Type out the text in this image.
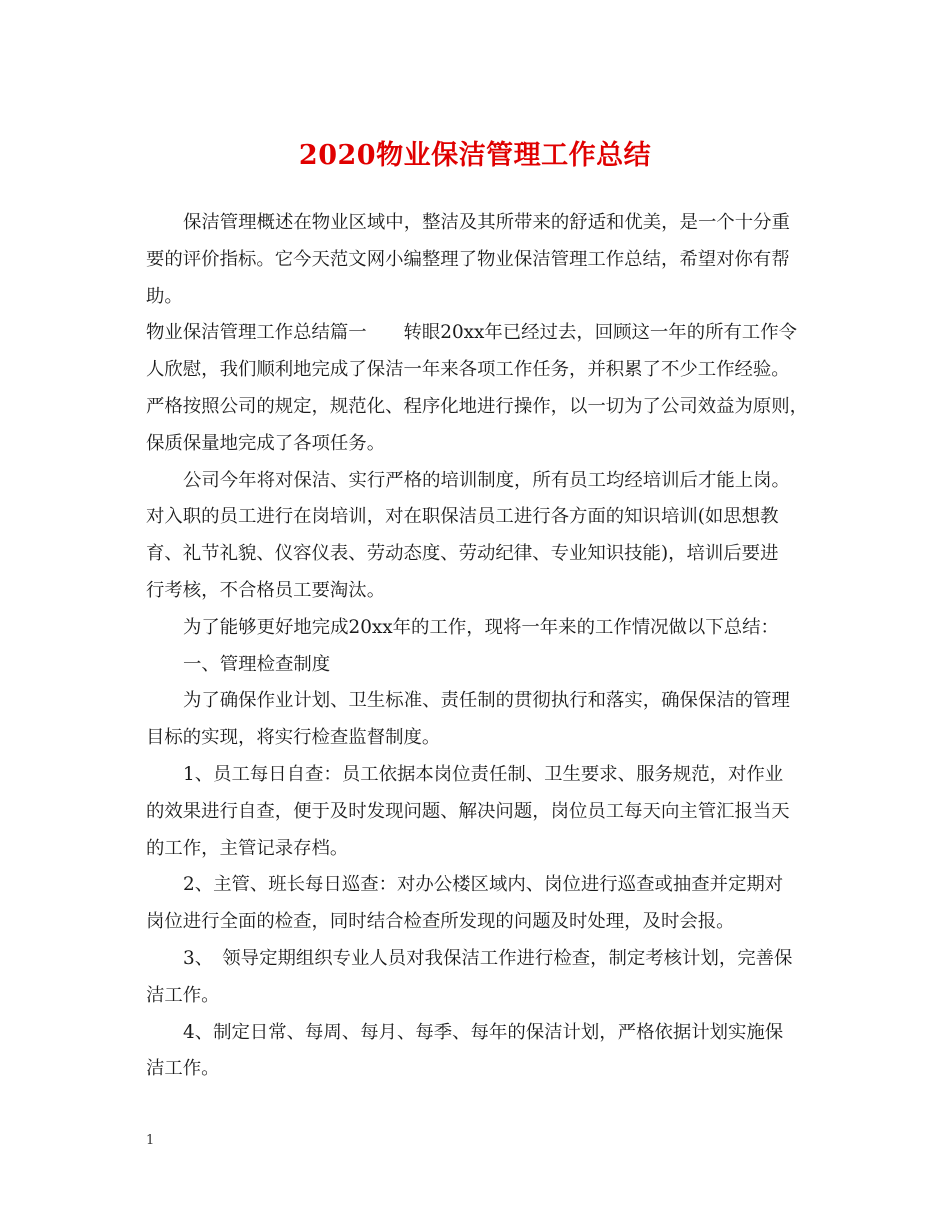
2020物业保洁管理工作总结
保洁管理概述在物业区域中，整洁及其所带来的舒适和优美，是一个十分重
要的评价指标。它今天范文网小编整理了物业保洁管理工作总结，希望对你有帮
助。
物业保洁管理工作总结篇一　　转眼20xx年已经过去，回顾这一年的所有工作令
人欣慰，我们顺利地完成了保洁一年来各项工作任务，并积累了不少工作经验。
严格按照公司的规定，规范化、程序化地进行操作，以一切为了公司效益为原则，
保质保量地完成了各项任务。
公司今年将对保洁、实行严格的培训制度，所有员工均经培训后才能上岗。
对入职的员工进行在岗培训，对在职保洁员工进行各方面的知识培训(如思想教
育、礼节礼貌、仪容仪表、劳动态度、劳动纪律、专业知识技能)，培训后要进
行考核，不合格员工要淘汰。
为了能够更好地完成20xx年的工作，现将一年来的工作情况做以下总结：
一、管理检查制度
为了确保作业计划、卫生标准、责任制的贯彻执行和落实，确保保洁的管理
目标的实现，将实行检查监督制度。
1、员工每日自查：员工依据本岗位责任制、卫生要求、服务规范，对作业
的效果进行自查，便于及时发现问题、解决问题，岗位员工每天向主管汇报当天
的工作，主管记录存档。
2、主管、班长每日巡查：对办公楼区域内、岗位进行巡查或抽查并定期对
岗位进行全面的检查，同时结合检查所发现的问题及时处理，及时会报。
3、　领导定期组织专业人员对我保洁工作进行检查，制定考核计划，完善保
洁工作。
4、制定日常、每周、每月、每季、每年的保洁计划，严格依据计划实施保
洁工作。
1
